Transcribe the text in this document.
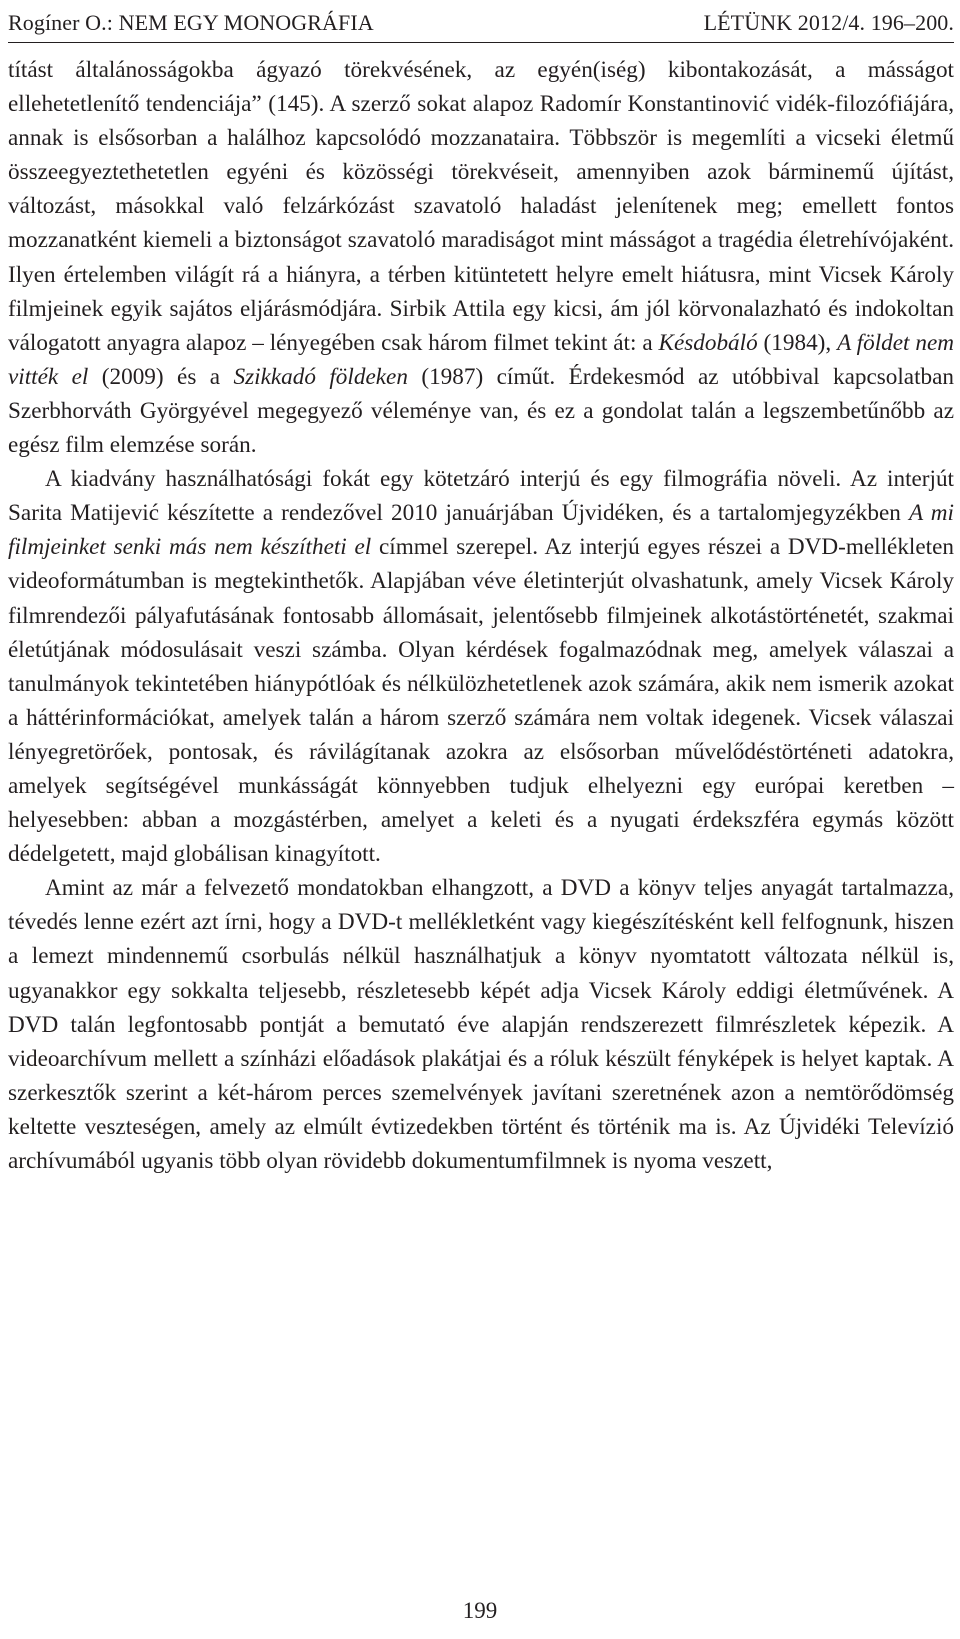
Rogíner O.: NEM EGY MONOGRÁFIA	LÉTÜNK 2012/4. 196–200.

títást általánosságokba ágyazó törekvésének, az egyén(iség) kibontakozását, a másságot ellehetetlenítő tendenciája” (145). A szerző sokat alapoz Radomír Konstantinović vidék-filozófiájára, annak is elsősorban a halálhoz kapcsolódó mozzanataira. Többször is megemlíti a vicseki életmű összeegyeztethetetlen egyéni és közösségi törekvéseit, amennyiben azok bárminemű újítást, változást, másokkal való felzárkózást szavatoló haladást jelenítenek meg; emellett fontos mozzanatként kiemeli a biztonságot szavatoló maradiságot mint másságot a tragédia életrehívójaként. Ilyen értelemben világít rá a hiányra, a térben kitüntetett helyre emelt hiátusra, mint Vicsek Károly filmjeinek egyik sajátos eljárásmódjára. Sirbik Attila egy kicsi, ám jól körvonalazható és indokoltan válogatott anyagra alapoz – lényegében csak három filmet tekint át: a Késdobáló (1984), A földet nem vitték el (2009) és a Szikkadó földeken (1987) címűt. Érdekesmód az utóbbival kapcsolatban Szerbhorváth Györgyével megegyező véleménye van, és ez a gondolat talán a legszembetűnőbb az egész film elemzése során.

A kiadvány használhatósági fokát egy kötetzáró interjú és egy filmográfia növeli. Az interjút Sarita Matijević készítette a rendezővel 2010 januárjában Újvidéken, és a tartalomjegyzékben A mi filmjeinket senki más nem készítheti el címmel szerepel. Az interjú egyes részei a DVD-mellékleten videoformátumban is megtekinthetők. Alapjában véve életinterjút olvashatunk, amely Vicsek Károly filmrendezői pályafutásának fontosabb állomásait, jelentősebb filmjeinek alkotástörténetét, szakmai életútjának módosulásait veszi számba. Olyan kérdések fogalmazódnak meg, amelyek válaszai a tanulmányok tekintetében hiánypótlóak és nélkülözhetetlenek azok számára, akik nem ismerik azokat a háttérinformációkat, amelyek talán a három szerző számára nem voltak idegenek. Vicsek válaszai lényegretörőek, pontosak, és rávilágítanak azokra az elsősorban művelődéstörténeti adatokra, amelyek segítségével munkásságát könnyebben tudjuk elhelyezni egy európai keretben – helyesebben: abban a mozgástérben, amelyet a keleti és a nyugati érdekszféra egymás között dédelgetett, majd globálisan kinagyított.

Amint az már a felvezető mondatokban elhangzott, a DVD a könyv teljes anyagát tartalmazza, tévedés lenne ezért azt írni, hogy a DVD-t mellékletként vagy kiegészítésként kell felfognunk, hiszen a lemezt mindennemű csorbulás nélkül használhatjuk a könyv nyomtatott változata nélkül is, ugyanakkor egy sokkalta teljesebb, részletesebb képét adja Vicsek Károly eddigi életművének. A DVD talán legfontosabb pontját a bemutató éve alapján rendszerezett filmrészletek képezik. A videoarchívum mellett a színházi előadások plakátjai és a róluk készült fényképek is helyet kaptak. A szerkesztők szerint a két-három perces szemelvények javítani szeretnének azon a nemtörődömség keltette veszteségen, amely az elmúlt évtizedekben történt és történik ma is. Az Újvidéki Televízió archívumából ugyanis több olyan rövidebb dokumentumfilmnek is nyoma veszett,

199
